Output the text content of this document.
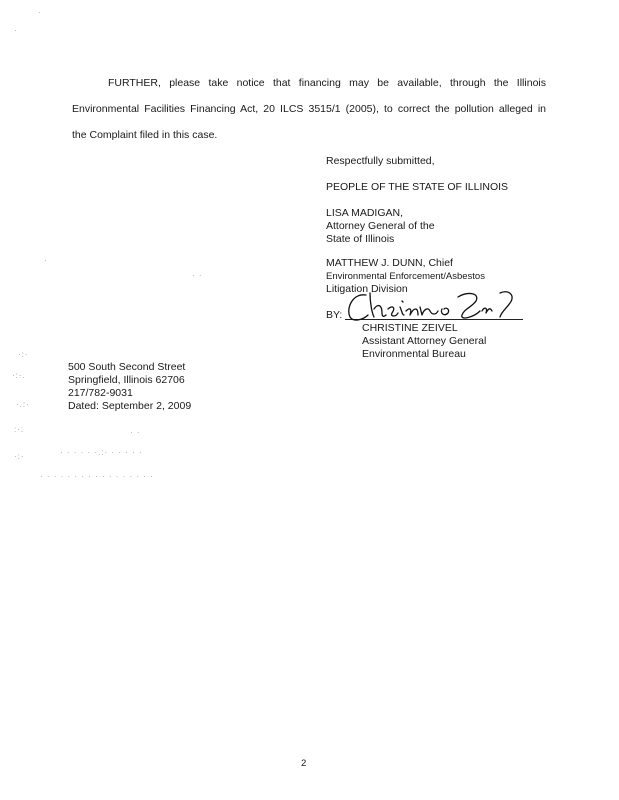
·
·
·
· ·
·:·
·:·.
·.:·
:·:
·:·
· ·
· · · · · ·.:· · · · · ·
· · · · · · · · · · · · · · · · ·
FURTHER, please take notice that financing may be available, through the Illinois
Environmental Facilities Financing Act, 20 ILCS 3515/1 (2005), to correct the pollution alleged in
the Complaint filed in this case.
Respectfully submitted,
PEOPLE OF THE STATE OF ILLINOIS
LISA MADIGAN,
Attorney General of the
State of Illinois
MATTHEW J. DUNN, Chief
Environmental Enforcement/Asbestos
Litigation Division
BY:
CHRISTINE ZEIVEL
Assistant Attorney General
Environmental Bureau
500 South Second Street
Springfield, Illinois 62706
217/782-9031
Dated: September 2, 2009
2
